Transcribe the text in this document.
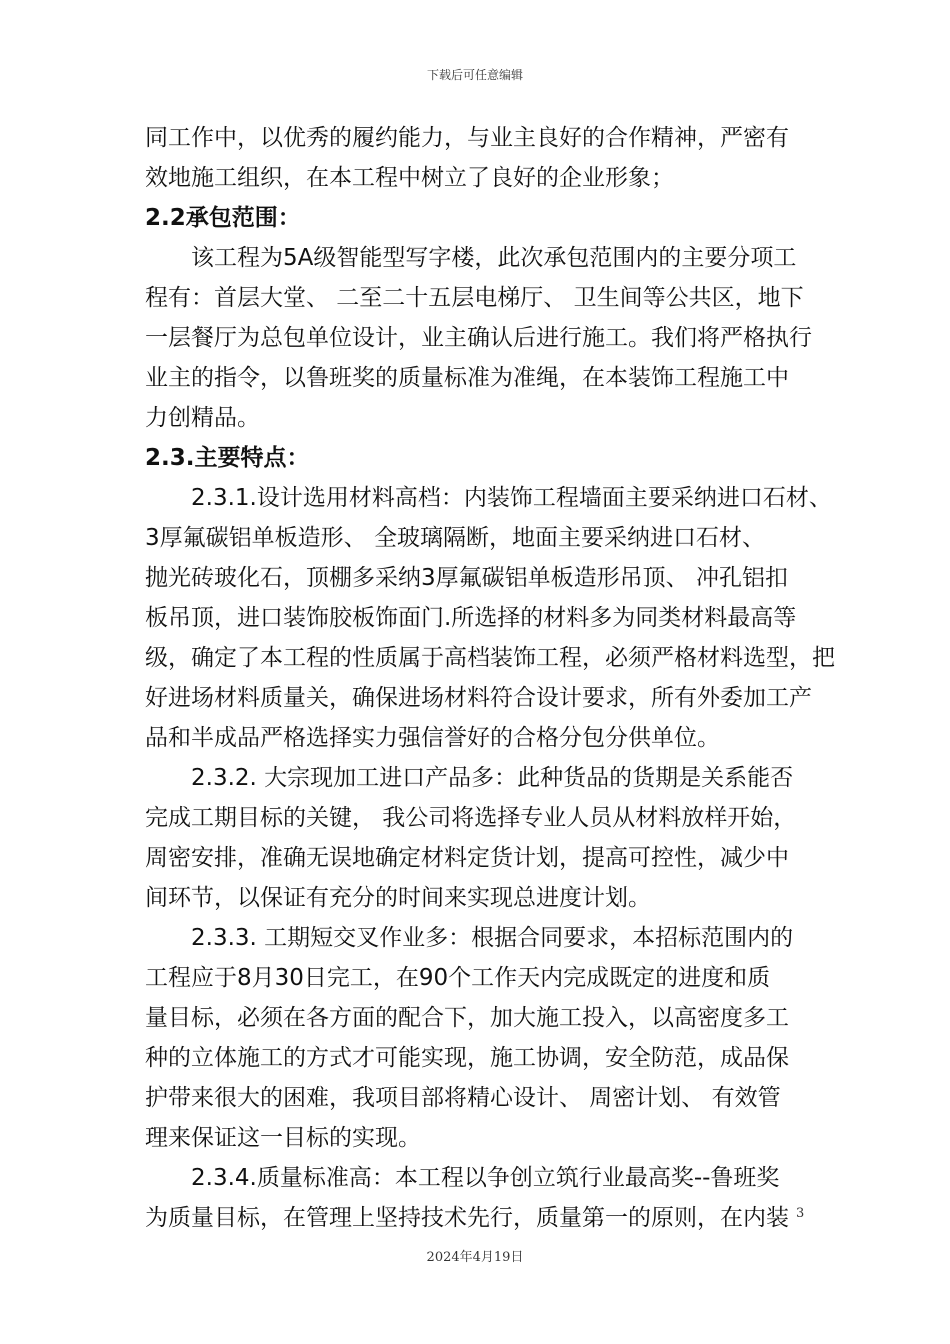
下载后可任意编辑
同工作中，以优秀的履约能力，与业主良好的合作精神，严密有
效地施工组织，在本工程中树立了良好的企业形象；
2.2承包范围：
该工程为5A级智能型写字楼，此次承包范围内的主要分项工
程有：首层大堂、 二至二十五层电梯厅、 卫生间等公共区，地下
一层餐厅为总包单位设计，业主确认后进行施工。我们将严格执行
业主的指令，以鲁班奖的质量标准为准绳，在本装饰工程施工中
力创精品。
2.3.主要特点：
2.3.1.设计选用材料高档：内装饰工程墙面主要采纳进口石材、
3厚氟碳铝单板造形、 全玻璃隔断，地面主要采纳进口石材、
抛光砖玻化石，顶棚多采纳3厚氟碳铝单板造形吊顶、 冲孔铝扣
板吊顶，进口装饰胶板饰面门.所选择的材料多为同类材料最高等
级，确定了本工程的性质属于高档装饰工程，必须严格材料选型，把
好进场材料质量关，确保进场材料符合设计要求，所有外委加工产
品和半成品严格选择实力强信誉好的合格分包分供单位。
2.3.2. 大宗现加工进口产品多：此种货品的货期是关系能否
完成工期目标的关键， 我公司将选择专业人员从材料放样开始，
周密安排，准确无误地确定材料定货计划，提高可控性，减少中
间环节，以保证有充分的时间来实现总进度计划。
2.3.3. 工期短交叉作业多：根据合同要求，本招标范围内的
工程应于8月30日完工，在90个工作天内完成既定的进度和质
量目标，必须在各方面的配合下，加大施工投入，以高密度多工
种的立体施工的方式才可能实现，施工协调，安全防范，成品保
护带来很大的困难，我项目部将精心设计、 周密计划、 有效管
理来保证这一目标的实现。
2.3.4.质量标准高：本工程以争创立筑行业最高奖--鲁班奖
为质量目标，在管理上坚持技术先行，质量第一的原则，在内装 3
2024年4月19日
